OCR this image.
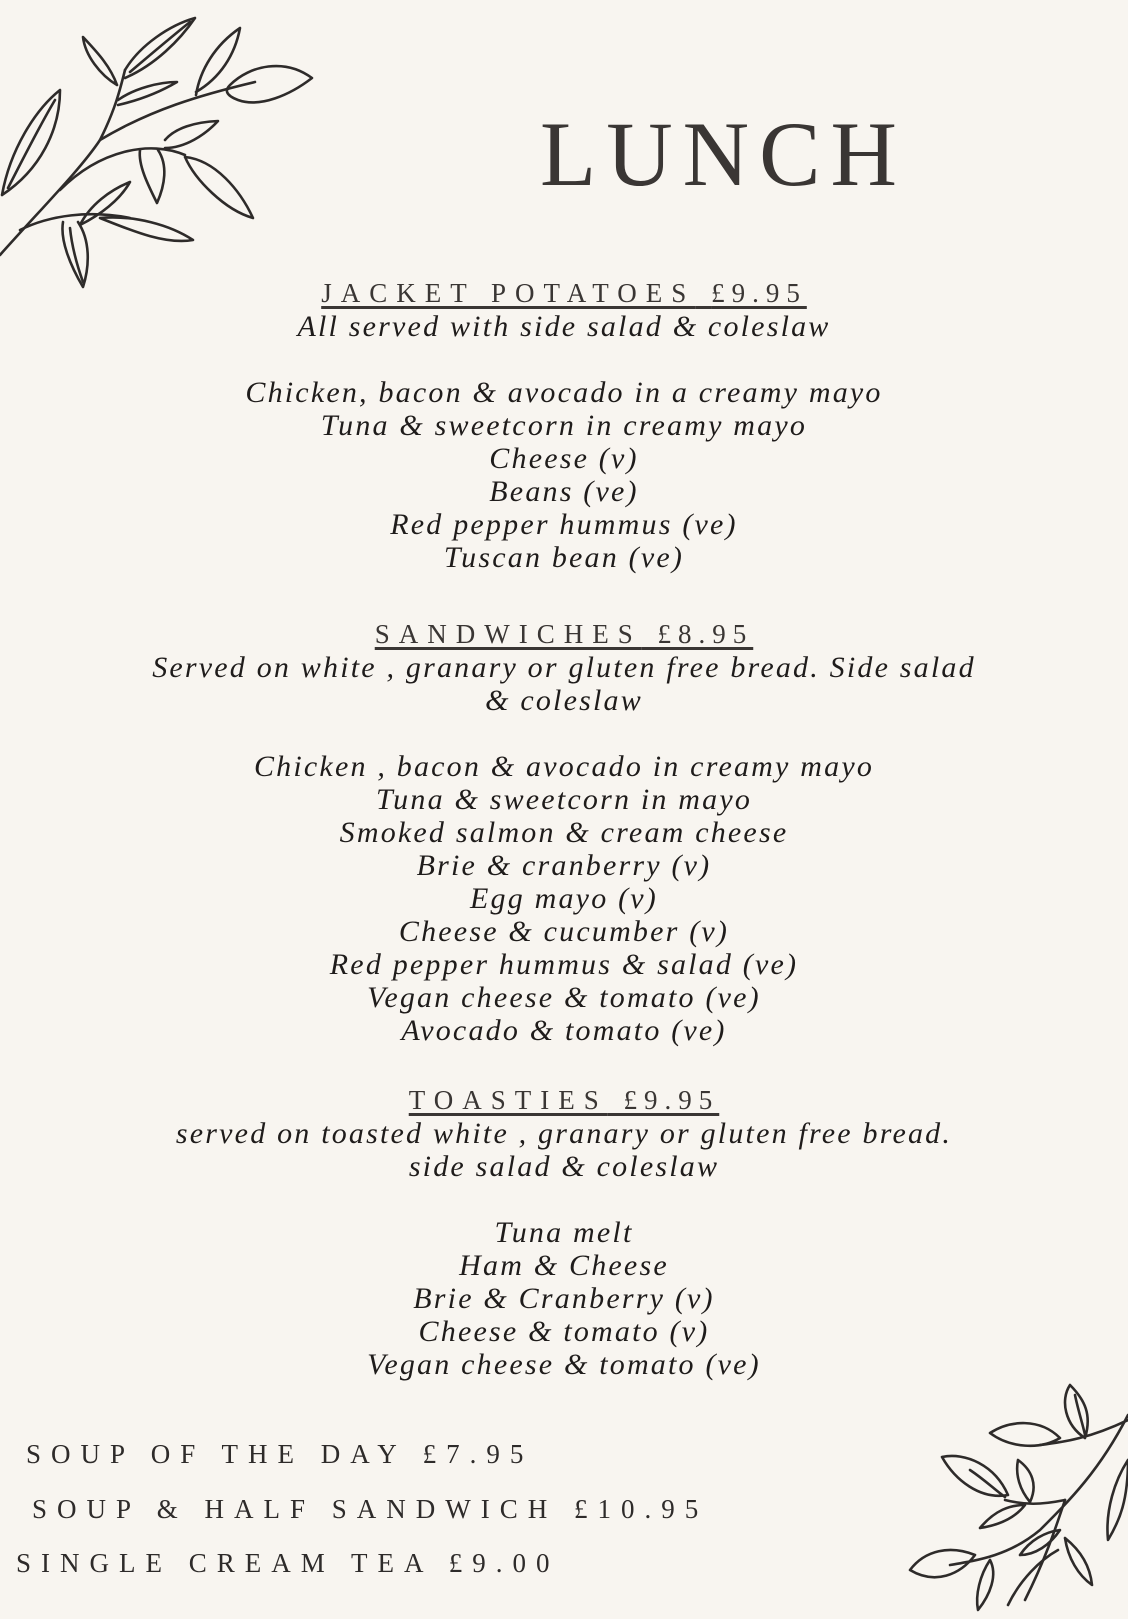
LUNCH
JACKET POTATOES £9.95
All served with side salad & coleslaw
Chicken, bacon & avocado in a creamy mayo
Tuna & sweetcorn in creamy mayo
Cheese (v)
Beans (ve)
Red pepper hummus (ve)
Tuscan bean (ve)
SANDWICHES £8.95
Served on white , granary or gluten free bread. Side salad
& coleslaw
Chicken , bacon & avocado in creamy mayo
Tuna & sweetcorn in mayo
Smoked salmon & cream cheese
Brie & cranberry (v)
Egg mayo (v)
Cheese & cucumber (v)
Red pepper hummus & salad (ve)
Vegan cheese & tomato (ve)
Avocado & tomato (ve)
TOASTIES £9.95
served on toasted white , granary or gluten free bread.
side salad & coleslaw
Tuna melt
Ham & Cheese
Brie & Cranberry (v)
Cheese & tomato (v)
Vegan cheese & tomato (ve)
SOUP OF THE DAY £7.95
SOUP & HALF SANDWICH £10.95
SINGLE CREAM TEA £9.00
